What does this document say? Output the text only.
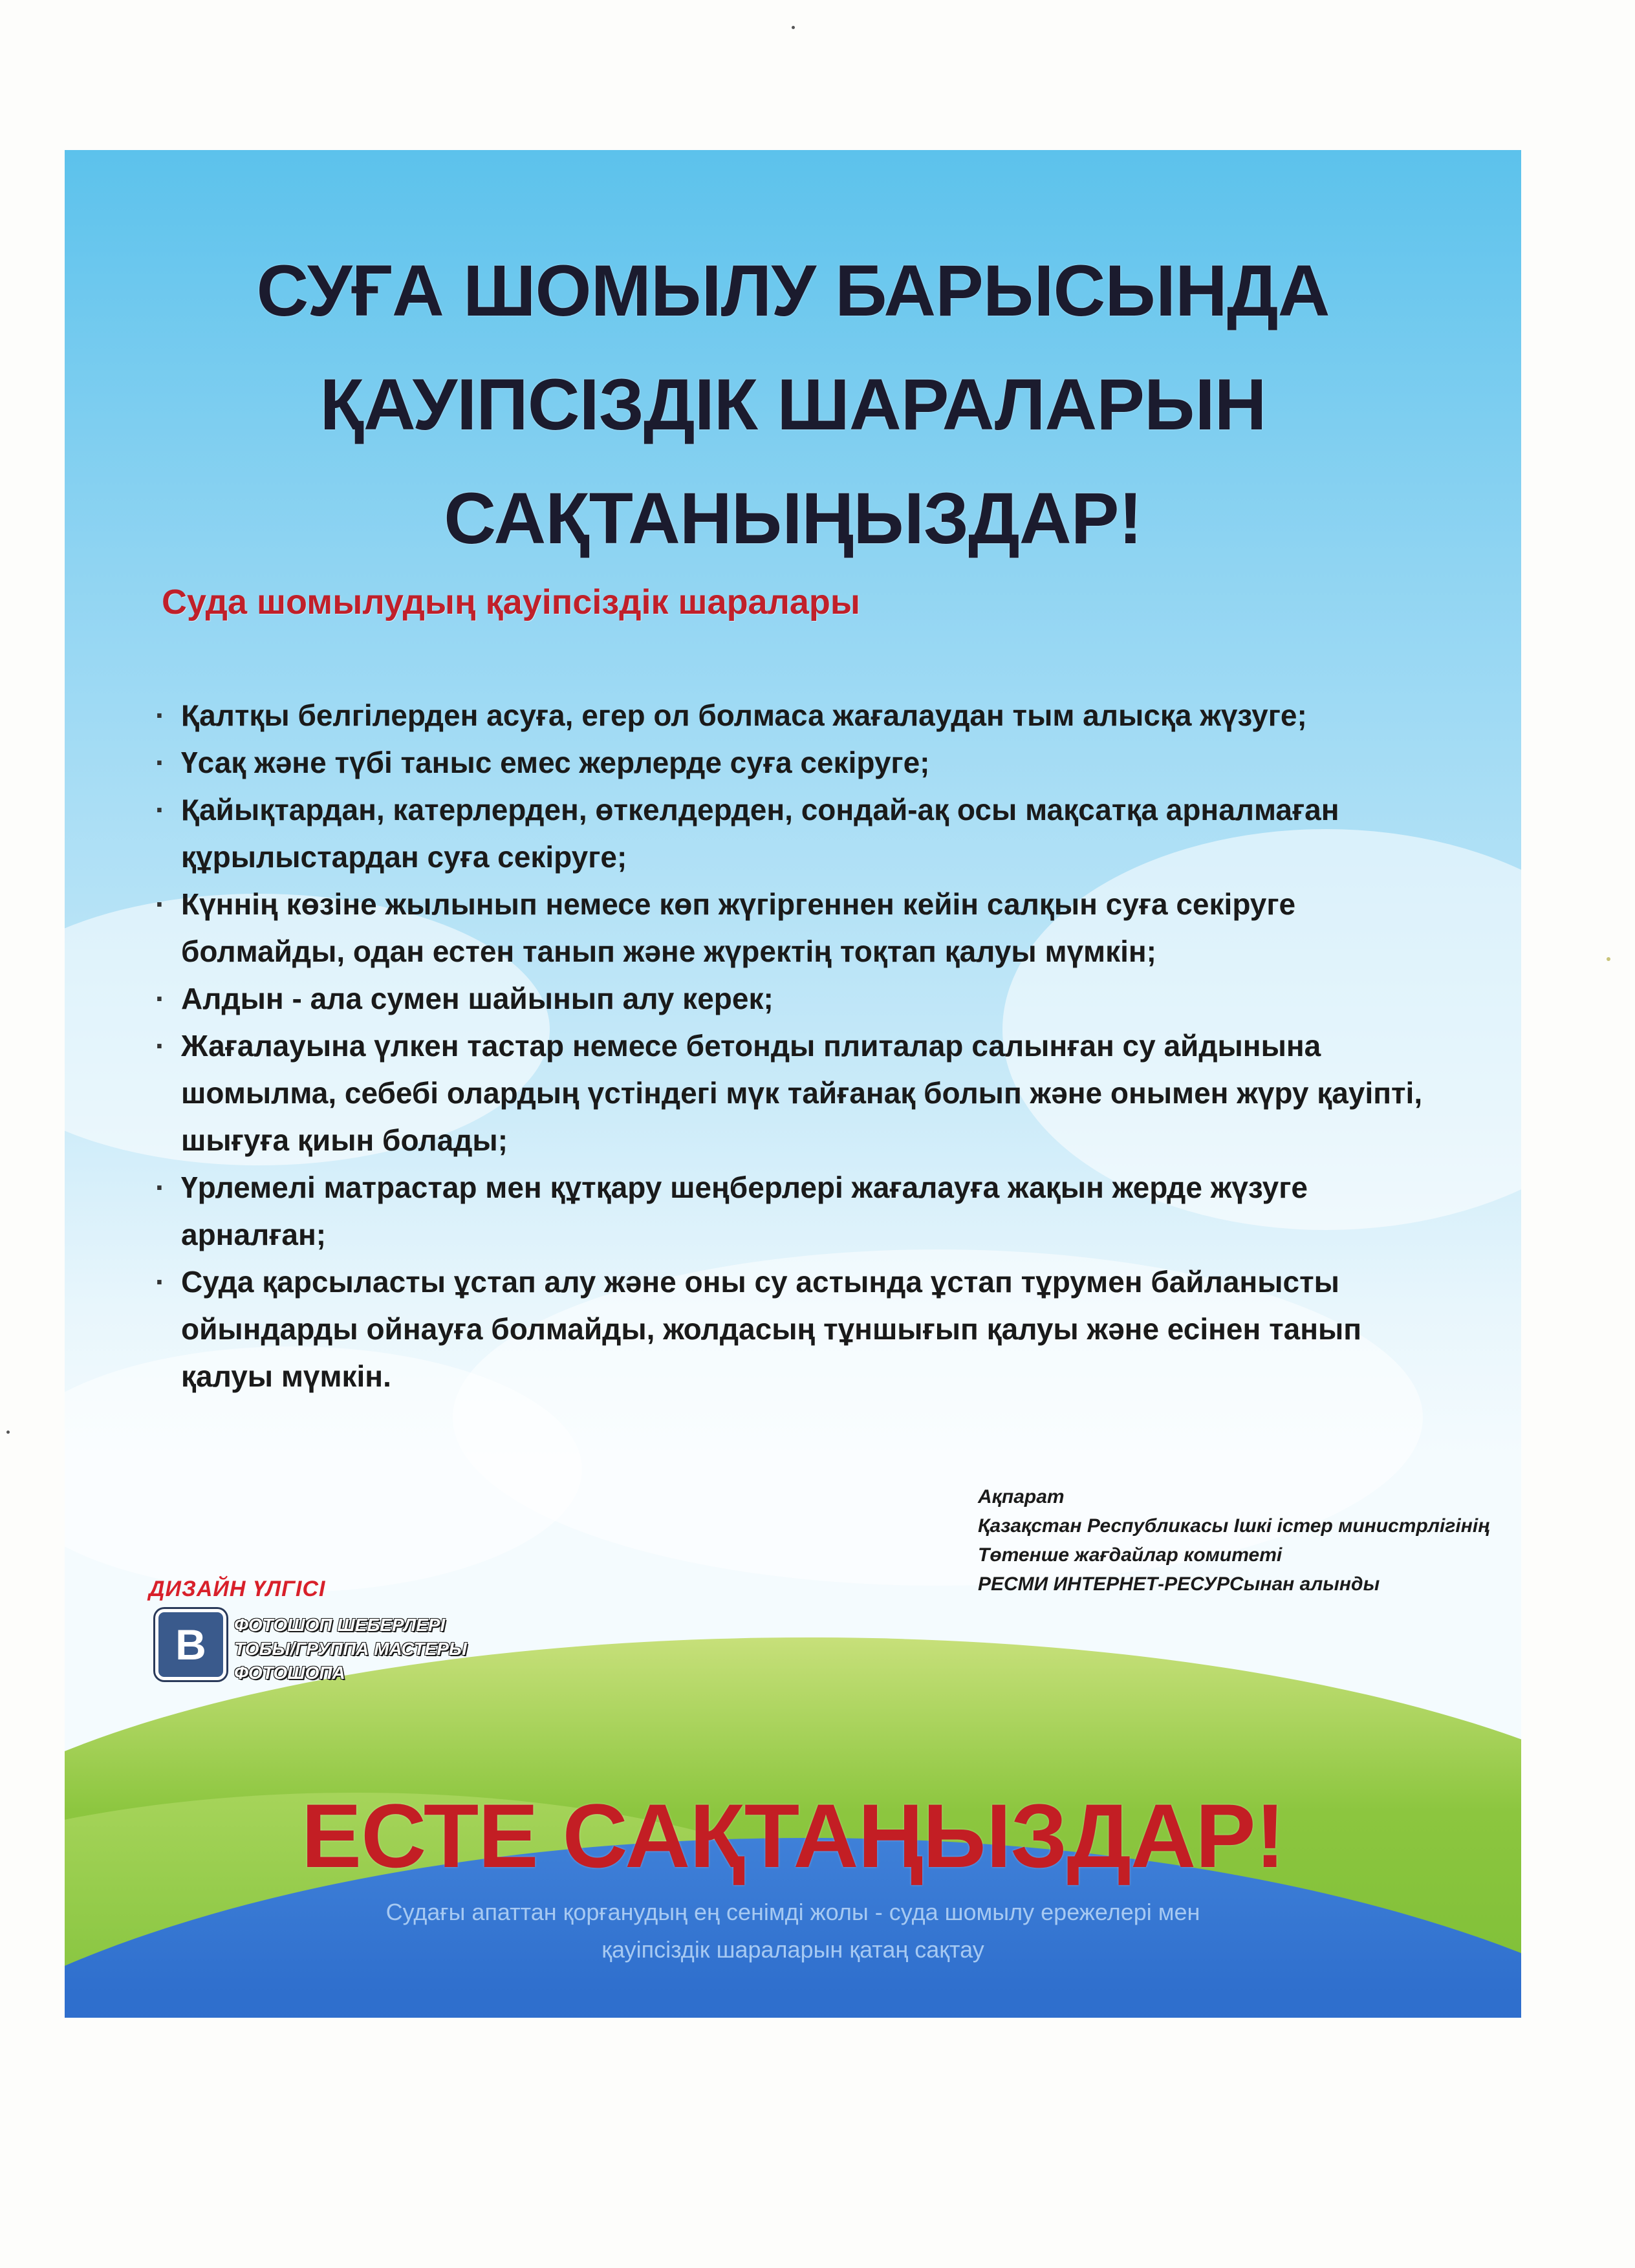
СУҒА ШОМЫЛУ БАРЫСЫНДА
ҚАУІПСІЗДІК ШАРАЛАРЫН
САҚТАНЫҢЫЗДАР!
Суда шомылудың қауіпсіздік шаралары
· Қалтқы белгілерден асуға, егер ол болмаса жағалаудан тым алысқа жүзуге;
· Үсақ және түбі таныс емес жерлерде суға секіруге;
· Қайықтардан, катерлерден, өткелдерден, сондай-ақ осы мақсатқа арналмаған құрылыстардан суға секіруге;
· Күннің көзіне жылынып немесе көп жүгіргеннен кейін салқын суға секіруге болмайды, одан естен танып және жүректің тоқтап қалуы мүмкін;
· Алдын - ала сумен шайынып алу керек;
· Жағалауына үлкен тастар немесе бетонды плиталар салынған су айдынына шомылма, себебі олардың үстіндегі мүк тайғанақ болып және онымен жүру қауіпті, шығуға қиын болады;
· Үрлемелі матрастар мен құтқару шеңберлері жағалауға жақын жерде жүзуге арналған;
· Суда қарсыласты ұстап алу және оны су астында ұстап тұрумен байланысты ойындарды ойнауға болмайды, жолдасың тұншығып қалуы және есінен танып қалуы мүмкін.
Ақпарат
Қазақстан Республикасы Ішкі істер министрлігінің
Төтенше жағдайлар комитеті
РЕСМИ ИНТЕРНЕТ-РЕСУРСынан алынды
ДИЗАЙН ҮЛГІСІ
В	ФОТОШОП ШЕБЕРЛЕРІ
ТОБЫ/ГРУППА МАСТЕРЫ
ФОТОШОПА
ЕСТЕ САҚТАҢЫЗДАР!
Судағы апаттан қорғанудың ең сенімді жолы - суда шомылу ережелері мен
қауіпсіздік шараларын қатаң сақтау
